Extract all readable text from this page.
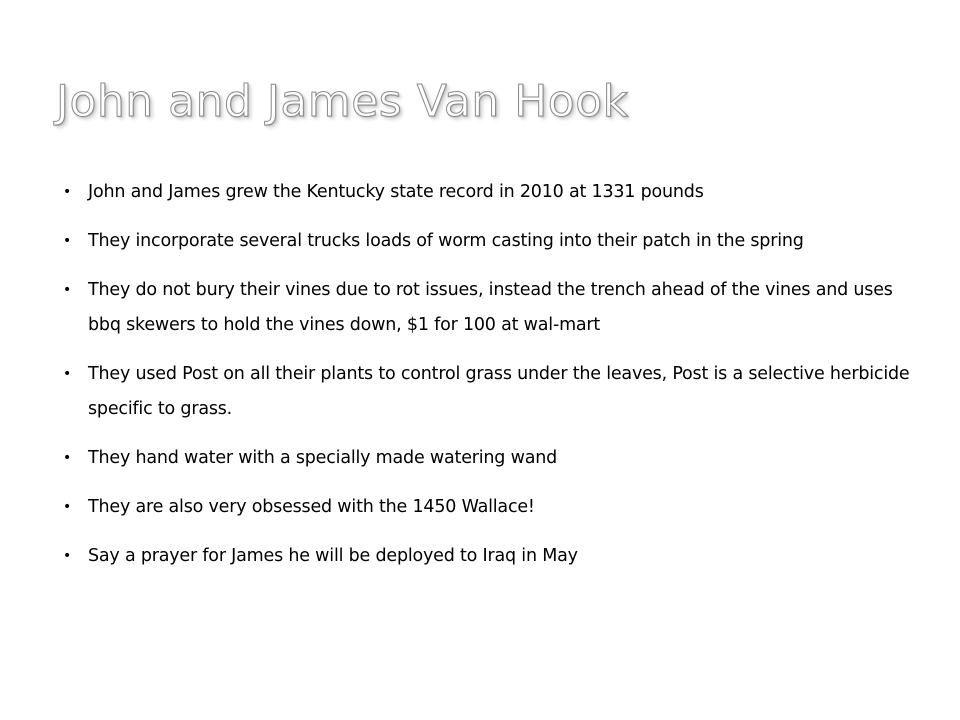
John and James Van Hook
• John and James grew the Kentucky state record in 2010 at 1331 pounds
• They incorporate several trucks loads of worm casting into their patch in the spring
• They do not bury their vines due to rot issues, instead the trench ahead of the vines and uses bbq skewers to hold the vines down, $1 for 100 at wal-mart
• They used Post on all their plants to control grass under the leaves, Post is a selective herbicide specific to grass.
• They hand water with a specially made watering wand
• They are also very obsessed with the 1450 Wallace!
• Say a prayer for James he will be deployed to Iraq in May
